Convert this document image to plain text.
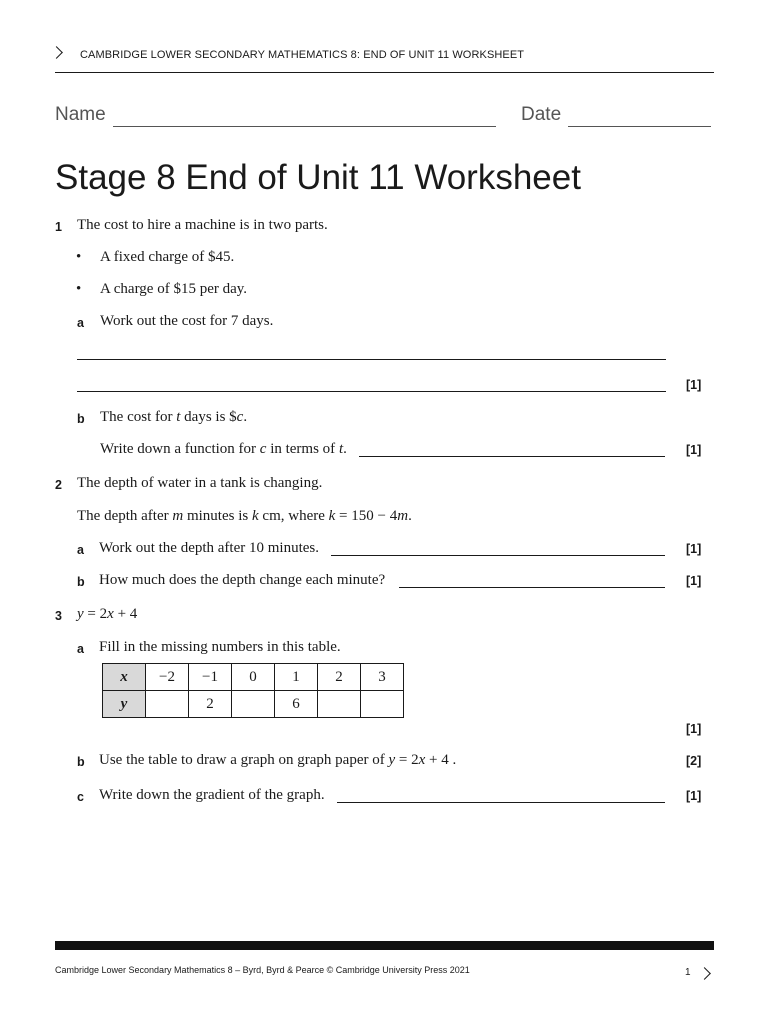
CAMBRIDGE LOWER SECONDARY MATHEMATICS 8: END OF UNIT 11 WORKSHEET
Name	Date
Stage 8 End of Unit 11 Worksheet
1 The cost to hire a machine is in two parts.
• A fixed charge of $45.
• A charge of $15 per day.
a Work out the cost for 7 days.
[1]
b The cost for t days is $c.
Write down a function for c in terms of t.	[1]
2 The depth of water in a tank is changing.
The depth after m minutes is k cm, where k = 150 − 4m.
a Work out the depth after 10 minutes.	[1]
b How much does the depth change each minute?	[1]
3 y = 2x + 4
a Fill in the missing numbers in this table.
x	−2	−1	0	1	2	3
y		2		6		
[1]
b Use the table to draw a graph on graph paper of y = 2x + 4 .	[2]
c Write down the gradient of the graph.	[1]
Cambridge Lower Secondary Mathematics 8 – Byrd, Byrd & Pearce © Cambridge University Press 2021	1
